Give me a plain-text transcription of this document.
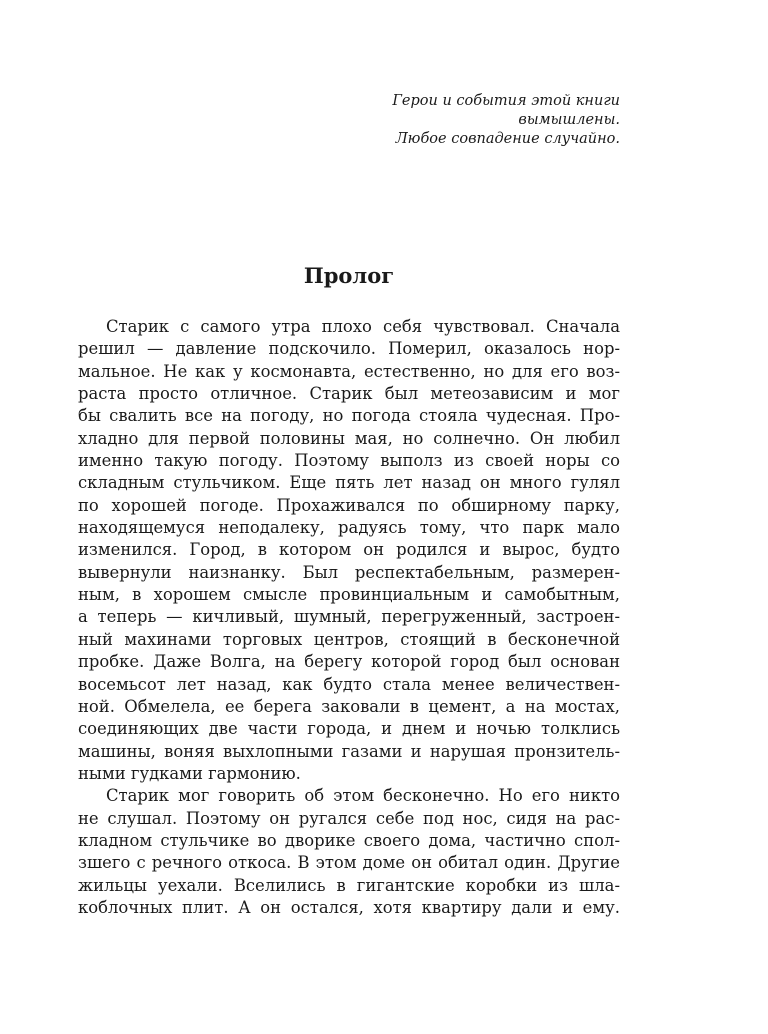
Герои и события этой книги
вымышлены.
Любое совпадение случайно.
Пролог
Старик с самого утра плохо себя чувствовал. Сначала
решил — давление подскочило. Померил, оказалось нор-
мальное. Не как у космонавта, естественно, но для его воз-
раста просто отличное. Старик был метеозависим и мог
бы свалить все на погоду, но погода стояла чудесная. Про-
хладно для первой половины мая, но солнечно. Он любил
именно такую погоду. Поэтому выполз из своей норы со
складным стульчиком. Еще пять лет назад он много гулял
по хорошей погоде. Прохаживался по обширному парку,
находящемуся неподалеку, радуясь тому, что парк мало
изменился. Город, в котором он родился и вырос, будто
вывернули наизнанку. Был респектабельным, размерен-
ным, в хорошем смысле провинциальным и самобытным,
а теперь — кичливый, шумный, перегруженный, застроен-
ный махинами торговых центров, стоящий в бесконечной
пробке. Даже Волга, на берегу которой город был основан
восемьсот лет назад, как будто стала менее величествен-
ной. Обмелела, ее берега заковали в цемент, а на мостах,
соединяющих две части города, и днем и ночью толклись
машины, воняя выхлопными газами и нарушая пронзитель-
ными гудками гармонию.
Старик мог говорить об этом бесконечно. Но его никто
не слушал. Поэтому он ругался себе под нос, сидя на рас-
кладном стульчике во дворике своего дома, частично спол-
зшего с речного откоса. В этом доме он обитал один. Другие
жильцы уехали. Вселились в гигантские коробки из шла-
коблочных плит. А он остался, хотя квартиру дали и ему.
